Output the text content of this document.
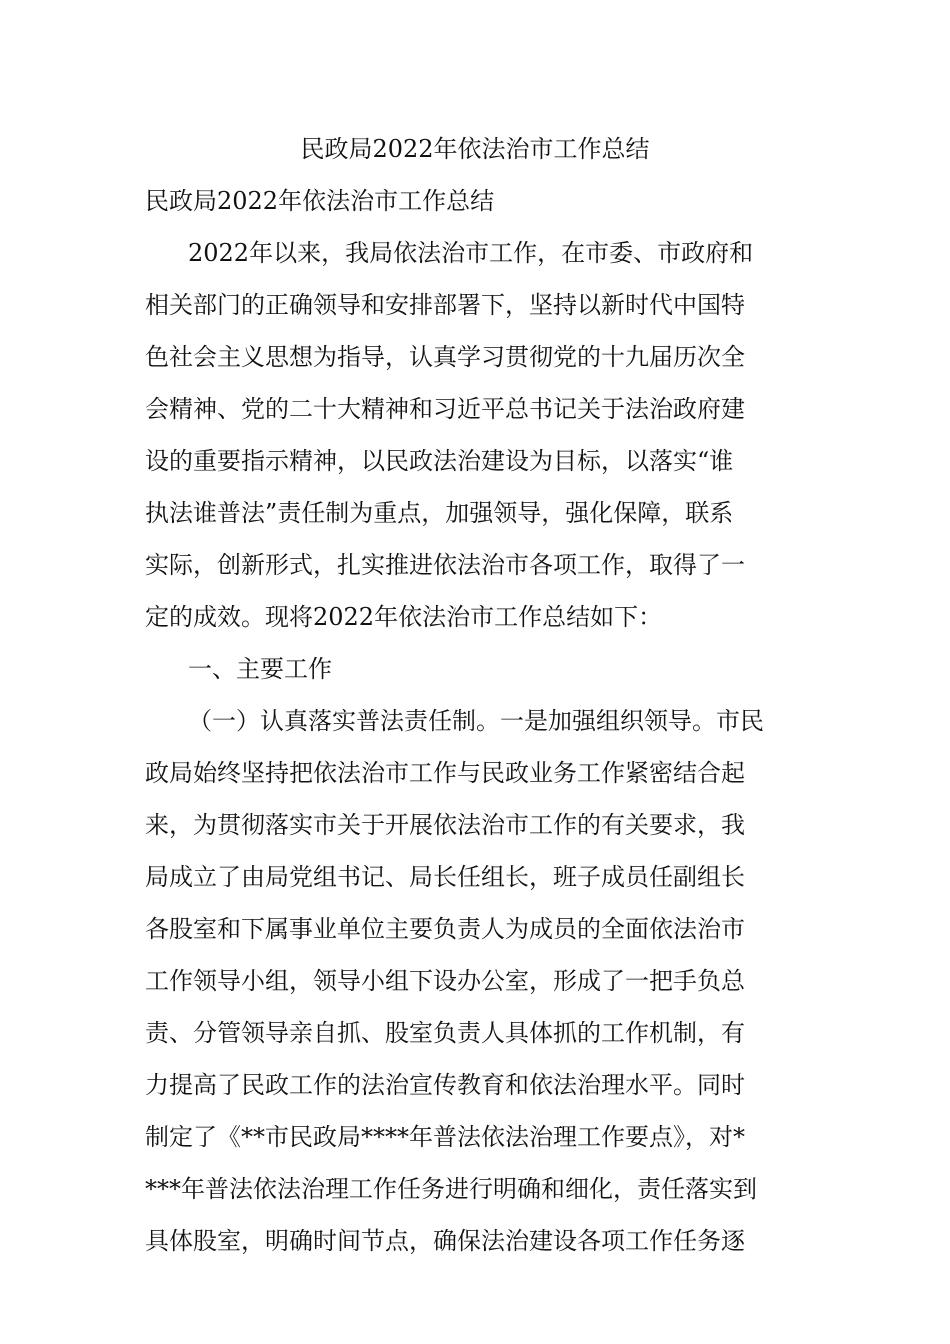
民政局2022年依法治市工作总结
民政局2022年依法治市工作总结
2022年以来，我局依法治市工作，在市委、市政府和
相关部门的正确领导和安排部署下，坚持以新时代中国特
色社会主义思想为指导，认真学习贯彻党的十九届历次全
会精神、党的二十大精神和习近平总书记关于法治政府建
设的重要指示精神，以民政法治建设为目标，以落实“谁
执法谁普法”责任制为重点，加强领导，强化保障，联系
实际，创新形式，扎实推进依法治市各项工作，取得了一
定的成效。现将2022年依法治市工作总结如下：
一、主要工作
（一）认真落实普法责任制。一是加强组织领导。市民
政局始终坚持把依法治市工作与民政业务工作紧密结合起
来，为贯彻落实市关于开展依法治市工作的有关要求，我
局成立了由局党组书记、局长任组长，班子成员任副组长
各股室和下属事业单位主要负责人为成员的全面依法治市
工作领导小组，领导小组下设办公室，形成了一把手负总
责、分管领导亲自抓、股室负责人具体抓的工作机制，有
力提高了民政工作的法治宣传教育和依法治理水平。同时
制定了《**市民政局****年普法依法治理工作要点》，对*
***年普法依法治理工作任务进行明确和细化，责任落实到
具体股室，明确时间节点，确保法治建设各项工作任务逐
